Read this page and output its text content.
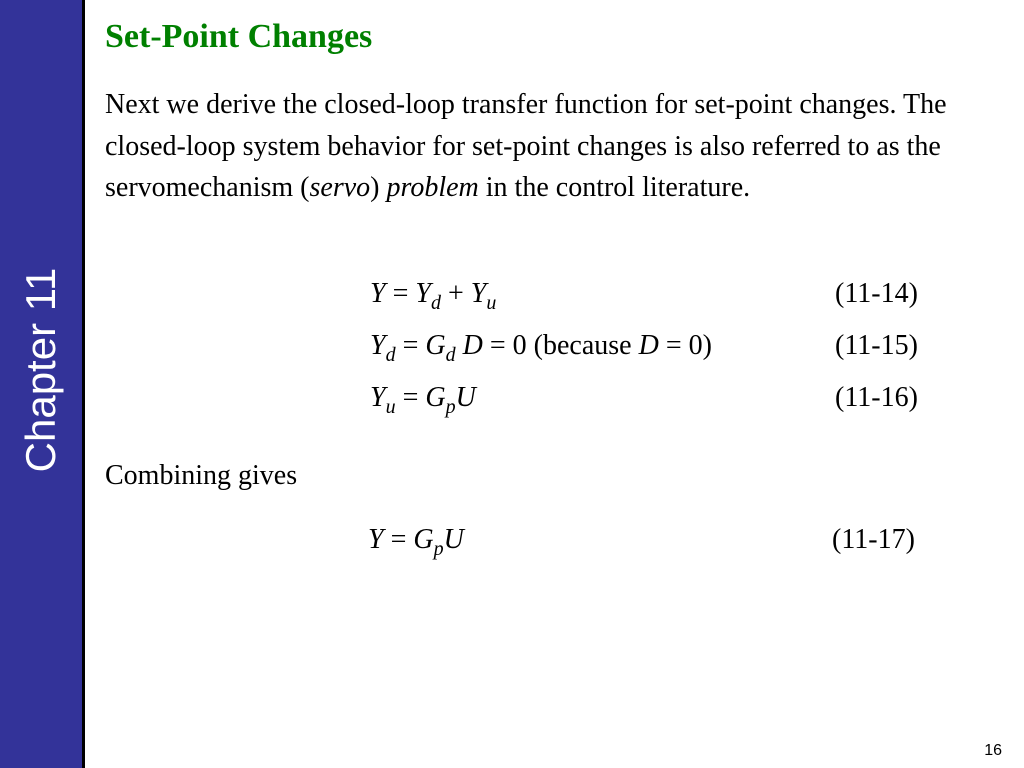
Chapter 11
Set-Point Changes
Next we derive the closed-loop transfer function for set-point changes. The closed-loop system behavior for set-point changes is also referred to as the servomechanism (servo) problem in the control literature.
$Y = Y_d + Y_u$	(11-14)
$Y_d = G_d$ D = 0 (because D = 0)	(11-15)
$Y_u = G_pU$	(11-16)
Combining gives
$Y = G_pU$	(11-17)
16
